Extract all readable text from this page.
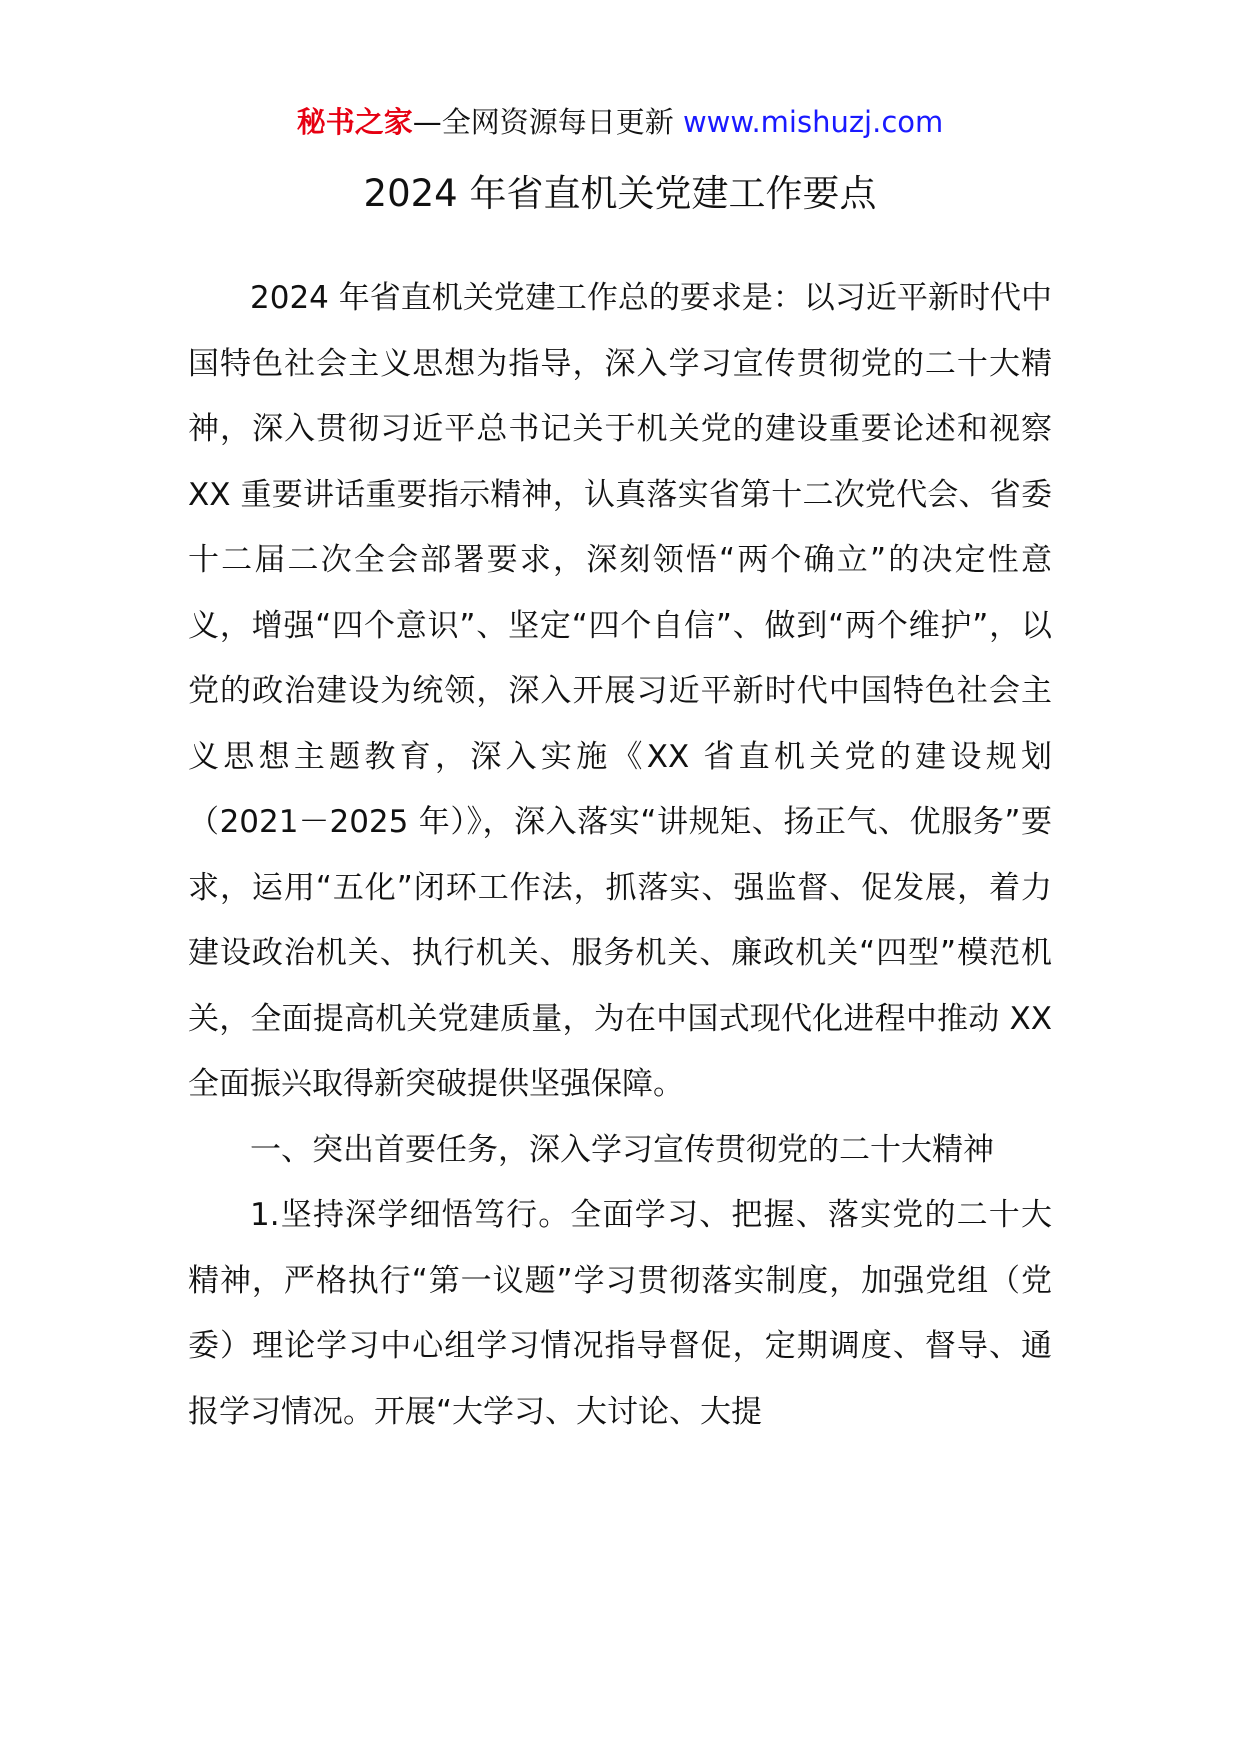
秘书之家—全网资源每日更新 www.mishuzj.com
2024 年省直机关党建工作要点

2024 年省直机关党建工作总的要求是：以习近平新时代中国特色社会主义思想为指导，深入学习宣传贯彻党的二十大精神，深入贯彻习近平总书记关于机关党的建设重要论述和视察 XX 重要讲话重要指示精神，认真落实省第十二次党代会、省委十二届二次全会部署要求，深刻领悟“两个确立”的决定性意义，增强“四个意识”、坚定“四个自信”、做到“两个维护”，以党的政治建设为统领，深入开展习近平新时代中国特色社会主义思想主题教育，深入实施《XX 省直机关党的建设规划（2021－2025 年）》，深入落实“讲规矩、扬正气、优服务”要求，运用“五化”闭环工作法，抓落实、强监督、促发展，着力建设政治机关、执行机关、服务机关、廉政机关“四型”模范机关，全面提高机关党建质量，为在中国式现代化进程中推动 XX 全面振兴取得新突破提供坚强保障。

一、突出首要任务，深入学习宣传贯彻党的二十大精神

1.坚持深学细悟笃行。全面学习、把握、落实党的二十大精神，严格执行“第一议题”学习贯彻落实制度，加强党组（党委）理论学习中心组学习情况指导督促，定期调度、督导、通报学习情况。开展“大学习、大讨论、大提
